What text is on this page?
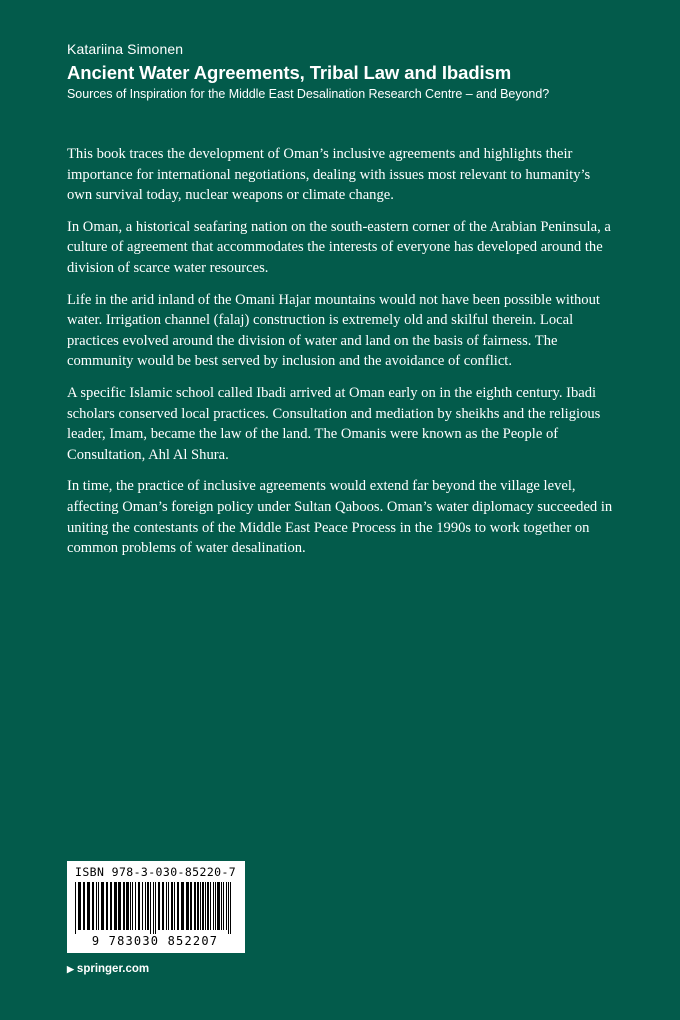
Katariina Simonen
Ancient Water Agreements, Tribal Law and Ibadism
Sources of Inspiration for the Middle East Desalination Research Centre – and Beyond?

This book traces the development of Oman’s inclusive agreements and highlights their importance for international negotiations, dealing with issues most relevant to humanity’s own survival today, nuclear weapons or climate change.

In Oman, a historical seafaring nation on the south-eastern corner of the Arabian Peninsula, a culture of agreement that accommodates the interests of everyone has developed around the division of scarce water resources.

Life in the arid inland of the Omani Hajar mountains would not have been possible without water. Irrigation channel (falaj) construction is extremely old and skilful therein. Local practices evolved around the division of water and land on the basis of fairness. The community would be best served by inclusion and the avoidance of conflict.

A specific Islamic school called Ibadi arrived at Oman early on in the eighth century. Ibadi scholars conserved local practices. Consultation and mediation by sheikhs and the religious leader, Imam, became the law of the land. The Omanis were known as the People of Consultation, Ahl Al Shura.

In time, the practice of inclusive agreements would extend far beyond the village level, affecting Oman’s foreign policy under Sultan Qaboos. Oman’s water diplomacy succeeded in uniting the contestants of the Middle East Peace Process in the 1990s to work together on common problems of water desalination.

ISBN 978-3-030-85220-7
9 783030 852207
▶ springer.com
